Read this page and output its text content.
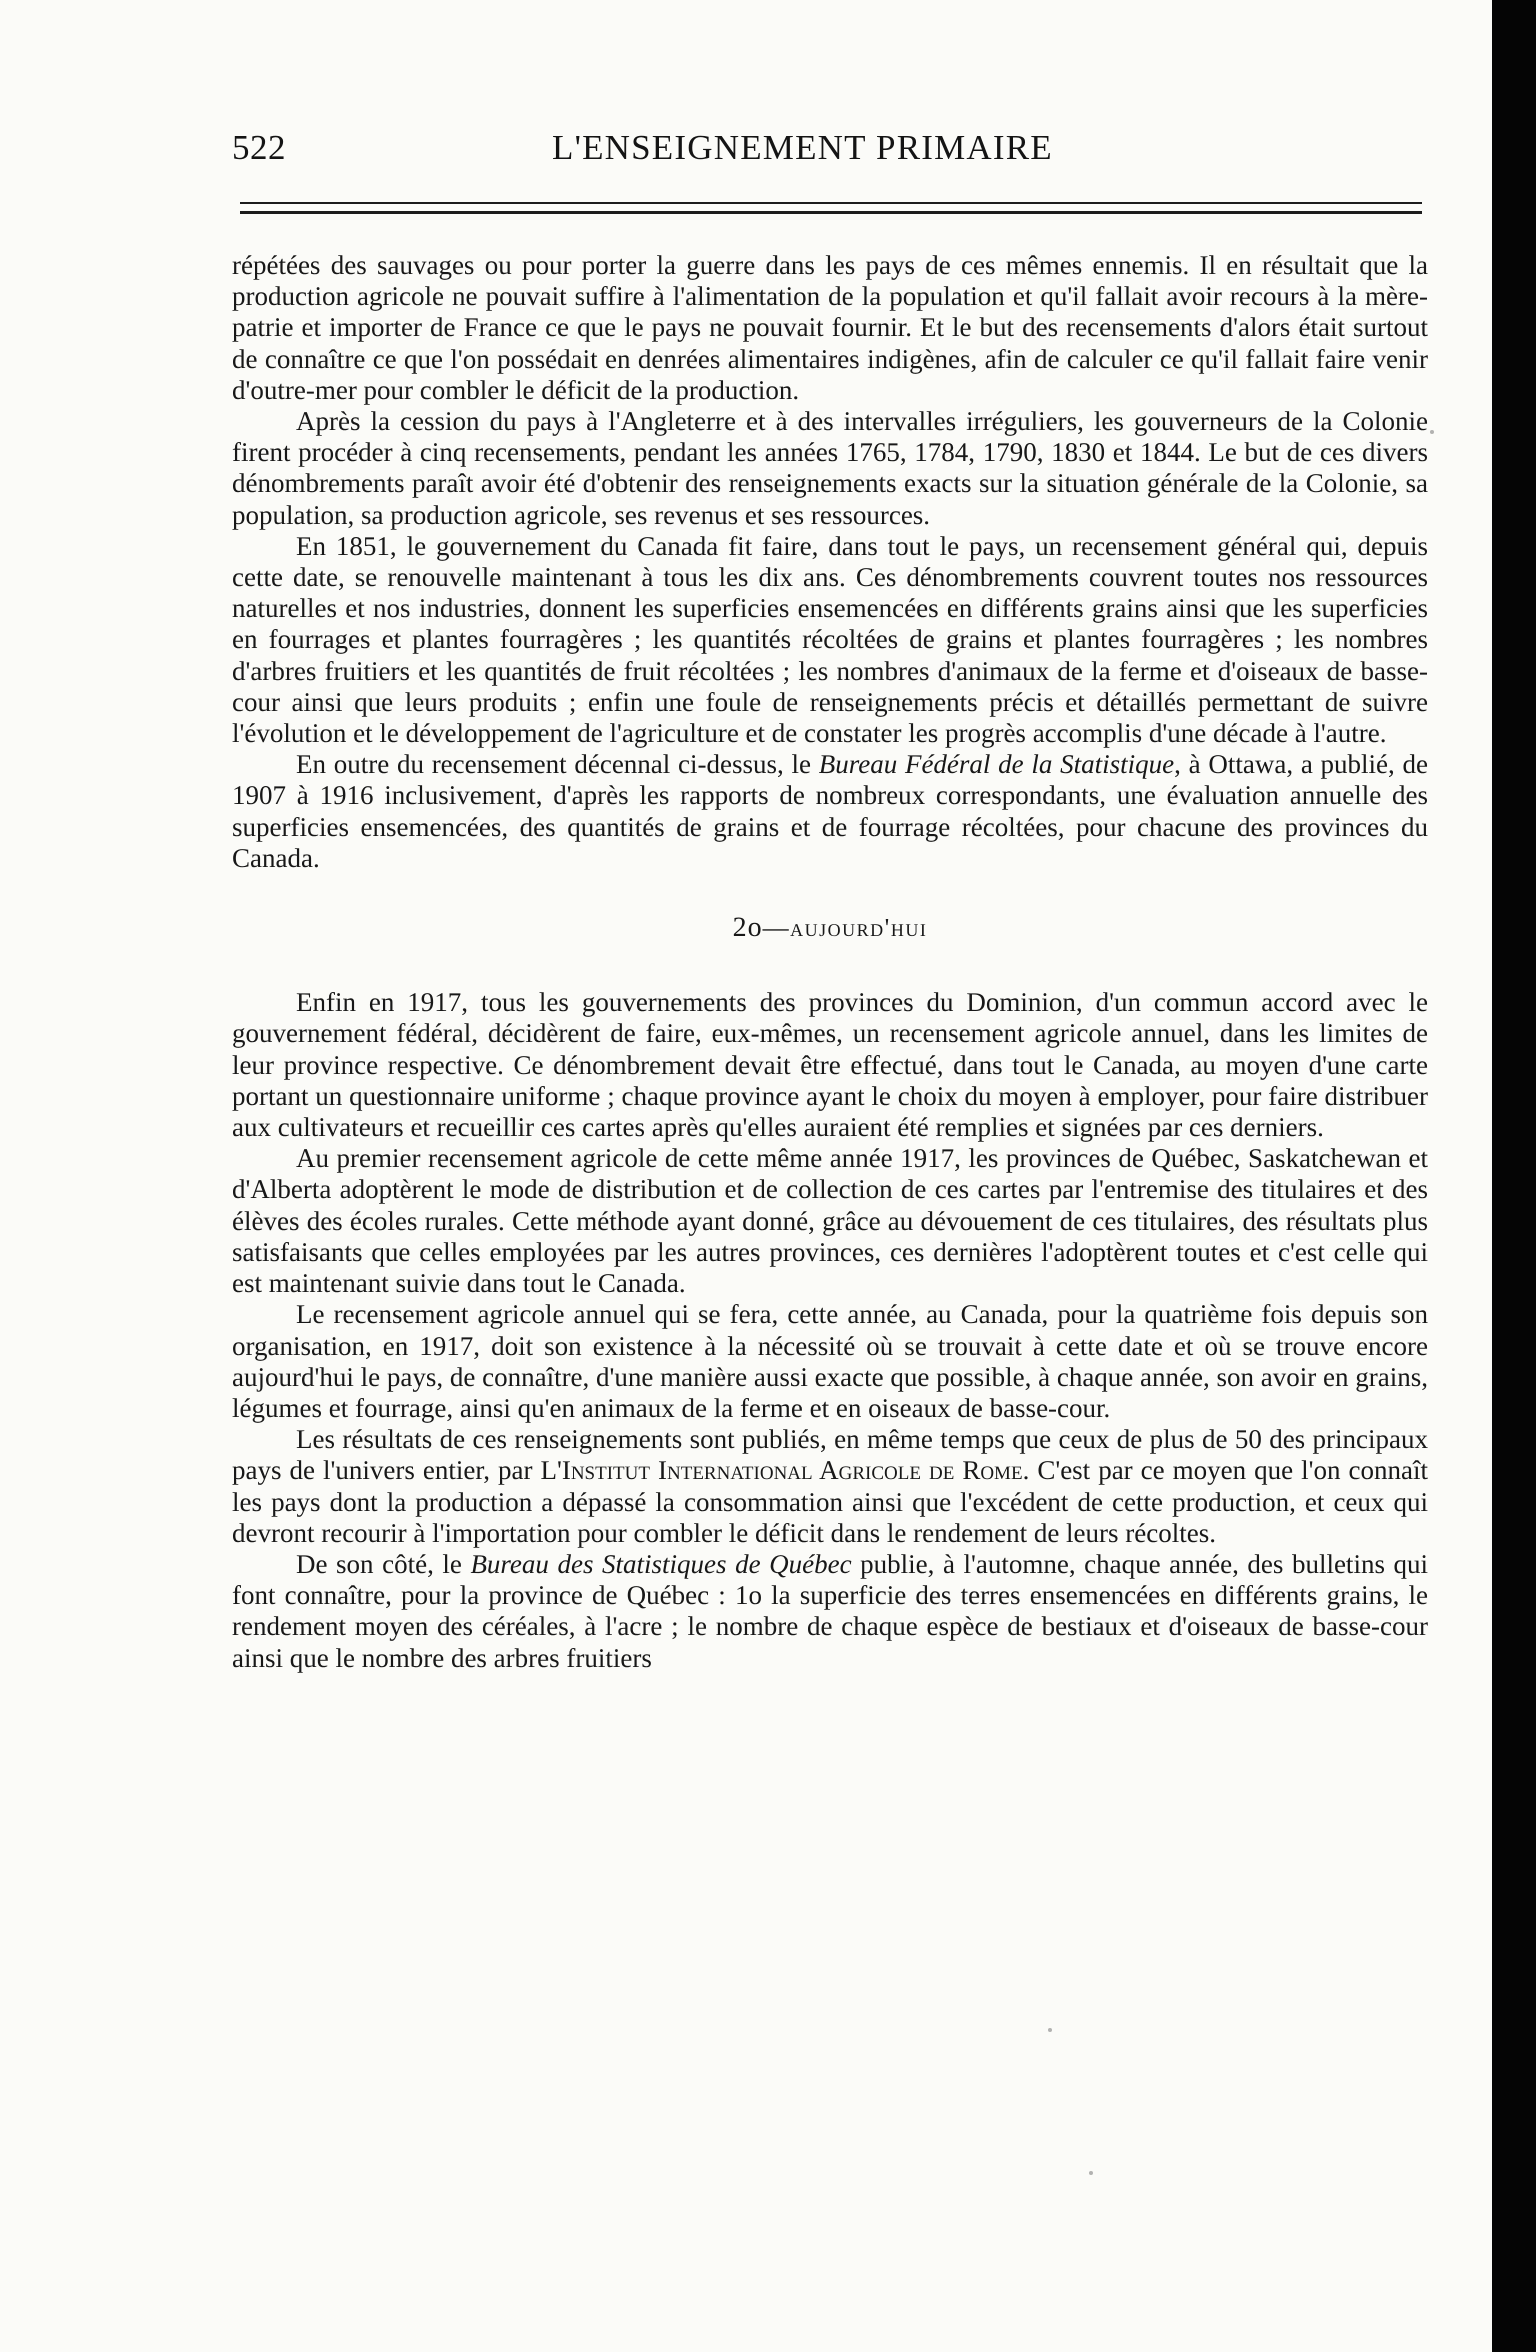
522	L'ENSEIGNEMENT PRIMAIRE

répétées des sauvages ou pour porter la guerre dans les pays de ces mêmes ennemis. Il en résultait que la production agricole ne pouvait suffire à l'alimentation de la population et qu'il fallait avoir recours à la mère-patrie et importer de France ce que le pays ne pouvait fournir. Et le but des recensements d'alors était surtout de connaître ce que l'on possédait en denrées alimentaires indigènes, afin de calculer ce qu'il fallait faire venir d'outre-mer pour combler le déficit de la production.

Après la cession du pays à l'Angleterre et à des intervalles irréguliers, les gouverneurs de la Colonie firent procéder à cinq recensements, pendant les années 1765, 1784, 1790, 1830 et 1844. Le but de ces divers dénombrements paraît avoir été d'obtenir des renseignements exacts sur la situation générale de la Colonie, sa population, sa production agricole, ses revenus et ses ressources.

En 1851, le gouvernement du Canada fit faire, dans tout le pays, un recensement général qui, depuis cette date, se renouvelle maintenant à tous les dix ans. Ces dénombrements couvrent toutes nos ressources naturelles et nos industries, donnent les superficies ensemencées en différents grains ainsi que les superficies en fourrages et plantes fourragères ; les quantités récoltées de grains et plantes fourragères ; les nombres d'arbres fruitiers et les quantités de fruit récoltées ; les nombres d'animaux de la ferme et d'oiseaux de basse-cour ainsi que leurs produits ; enfin une foule de renseignements précis et détaillés permettant de suivre l'évolution et le développement de l'agriculture et de constater les progrès accomplis d'une décade à l'autre.

En outre du recensement décennal ci-dessus, le Bureau Fédéral de la Statistique, à Ottawa, a publié, de 1907 à 1916 inclusivement, d'après les rapports de nombreux correspondants, une évaluation annuelle des superficies ensemencées, des quantités de grains et de fourrage récoltées, pour chacune des provinces du Canada.

2o—aujourd'hui

Enfin en 1917, tous les gouvernements des provinces du Dominion, d'un commun accord avec le gouvernement fédéral, décidèrent de faire, eux-mêmes, un recensement agricole annuel, dans les limites de leur province respective. Ce dénombrement devait être effectué, dans tout le Canada, au moyen d'une carte portant un questionnaire uniforme ; chaque province ayant le choix du moyen à employer, pour faire distribuer aux cultivateurs et recueillir ces cartes après qu'elles auraient été remplies et signées par ces derniers.

Au premier recensement agricole de cette même année 1917, les provinces de Québec, Saskatchewan et d'Alberta adoptèrent le mode de distribution et de collection de ces cartes par l'entremise des titulaires et des élèves des écoles rurales. Cette méthode ayant donné, grâce au dévouement de ces titulaires, des résultats plus satisfaisants que celles employées par les autres provinces, ces dernières l'adoptèrent toutes et c'est celle qui est maintenant suivie dans tout le Canada.

Le recensement agricole annuel qui se fera, cette année, au Canada, pour la quatrième fois depuis son organisation, en 1917, doit son existence à la nécessité où se trouvait à cette date et où se trouve encore aujourd'hui le pays, de connaître, d'une manière aussi exacte que possible, à chaque année, son avoir en grains, légumes et fourrage, ainsi qu'en animaux de la ferme et en oiseaux de basse-cour.

Les résultats de ces renseignements sont publiés, en même temps que ceux de plus de 50 des principaux pays de l'univers entier, par L'Institut International Agricole de Rome. C'est par ce moyen que l'on connaît les pays dont la production a dépassé la consommation ainsi que l'excédent de cette production, et ceux qui devront recourir à l'importation pour combler le déficit dans le rendement de leurs récoltes.

De son côté, le Bureau des Statistiques de Québec publie, à l'automne, chaque année, des bulletins qui font connaître, pour la province de Québec : 1o la superficie des terres ensemencées en différents grains, le rendement moyen des céréales, à l'acre ; le nombre de chaque espèce de bestiaux et d'oiseaux de basse-cour ainsi que le nombre des arbres fruitiers
